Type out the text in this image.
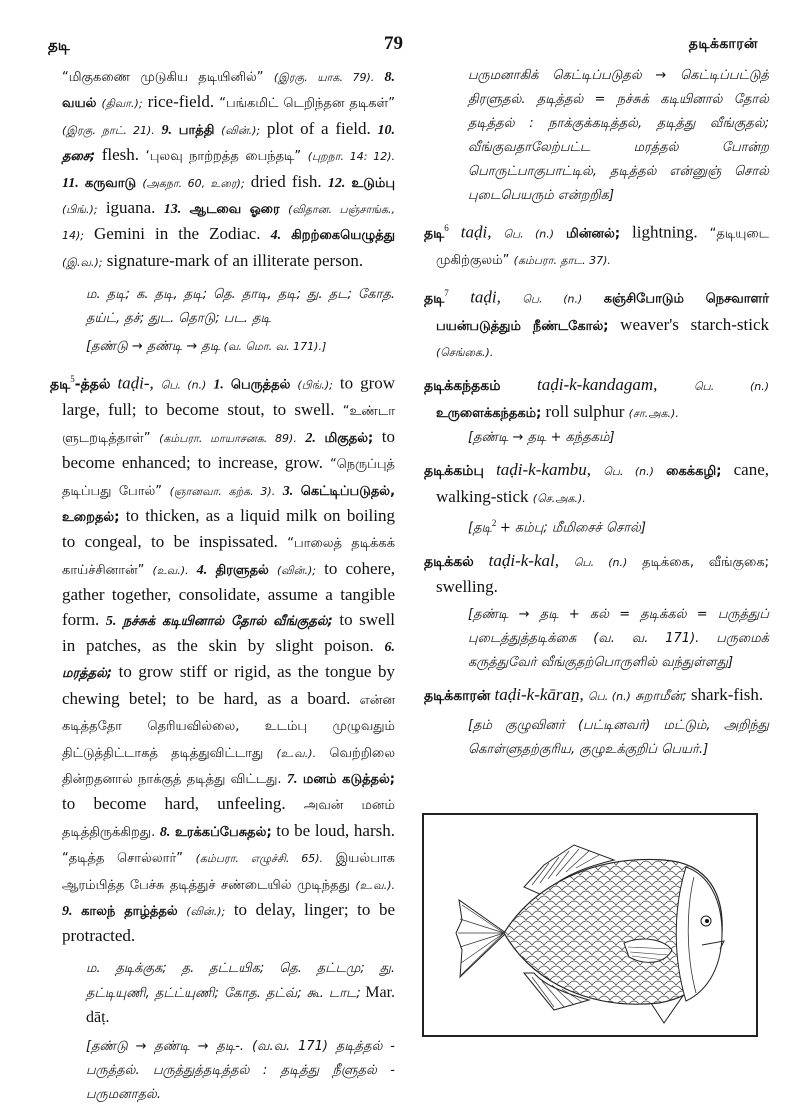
தடி	79	தடிக்காரன்

“மிகுகணை முடுகிய தடியினில்” (இரகு. யாக. 79). 8. வயல் (திவா.); rice-field. “பங்கமிட் டெறிந்தன தடிகள்” (இரகு. நாட். 21). 9. பாத்தி (வின்.); plot of a field. 10. தசை; flesh. ‘புலவு நாற்றத்த பைந்தடி” (புறநா. 14: 12). 11. கருவாடு (அகநா. 60, உரை); dried fish. 12. உடும்பு (பிங்.); iguana. 13. ஆடவை ஓரை (விதான. பஞ்சாங்க., 14); Gemini in the Zodiac. 4. கிறற்கையெழுத்து (இ.வ.); signature-mark of an illiterate person.

ம. தடி; க. தடி, தடி; தெ. தாடி, தடி; து. தட; கோத. தய்ட், தச்; துட. தொடு; பட. தடி

[தண்டு → தண்டி → தடி (வ. மொ. வ. 171).]

தடி$^5$-த்தல் taḍi-, பெ. (n.) 1. பெருத்தல் (பிங்.); to grow large, full; to become stout, to swell. “உண்டா ளுடறடித்தாள்” (கம்பரா. மாயாசனக. 89). 2. மிகுதல்; to become enhanced; to increase, grow. “நெருப்புத் தடிப்பது போல்” (ஞானவா. கற்க. 3). 3. கெட்டிப்படுதல், உறைதல்; to thicken, as a liquid milk on boiling to congeal, to be inspissated. “பாலைத் தடிக்கக் காய்ச்சினான்” (உவ.). 4. திரளுதல் (வின்.); to cohere, gather together, consolidate, assume a tangible form. 5. நச்சுக் கடியினால் தோல் வீங்குதல்; to swell in patches, as the skin by slight poison. 6. மரத்தல்; to grow stiff or rigid, as the tongue by chewing betel; to be hard, as a board. என்ன கடித்ததோ தெரியவில்லை, உடம்பு முழுவதும் திட்டுத்திட்டாகத் தடித்துவிட்டாது (உ.வ.). வெற்றிலை தின்றதனால் நாக்குத் தடித்து விட்டது. 7. மனம் கடுத்தல்; to become hard, unfeeling. அவன் மனம் தடித்திருக்கிறது. 8. உரக்கப்பேசுதல்; to be loud, harsh. “தடித்த சொல்லார்” (கம்பரா. எழுச்சி. 65). இயல்பாக ஆரம்பித்த பேச்சு தடித்துச் சண்டையில் முடிந்தது (உ.வ.). 9. காலந் தாழ்த்தல் (வின்.); to delay, linger; to be protracted.

ம. தடிக்குக; த. தட்டயிக; தெ. தட்டமு; து. தட்டியுணி, தட்ட்யுணி; கோத. தட்வ்; கூ. டாட; Mar. dāṭ.

[தண்டு → தண்டி → தடி-. (வ.வ. 171) தடித்தல் - பருத்தல். பருத்துத்தடித்தல் : தடித்து நீளுதல் - பருமனாதல்.

பருமனாகிக் கெட்டிப்படுதல் → கெட்டிப்பட்டுத் திரளுதல். தடித்தல் = நச்சுக் கடியினால் தோல் தடித்தல் : நாக்குக்கடித்தல், தடித்து வீங்குதல்; வீங்குவதாலேற்பட்ட மரத்தல் போன்ற பொருட்பாகுபாட்டில், தடித்தல் என்னுஞ் சொல் புடைபெயரும் என்றறிக]

தடி$^6$ taḍi, பெ. (n.) மின்னல்; lightning. “தடியுடை முகிற்குலம்” (கம்பரா. தாட. 37).

தடி$^7$ taḍi, பெ. (n.) கஞ்சிபோடும் நெசவாளர் பயன்படுத்தும் நீண்டகோல்; weaver's starch-stick (செங்கை.).

தடிக்கந்தகம் taḍi-k-kandagam,	பெ. (n.) உருளைக்கந்தகம்; roll sulphur (சா.அக.).

[தண்டி → தடி + கந்தகம்]

தடிக்கம்பு taḍi-k-kambu, பெ. (n.) கைக்கழி; cane, walking-stick (செ.அக.).

[தடி$^2$ + கம்பு; மீமிசைச் சொல்]

தடிக்கல் taḍi-k-kal, பெ. (n.) தடிக்கை, வீங்குகை; swelling.

[தண்டி → தடி + கல் = தடிக்கல் = பருத்துப் புடைத்துத்தடிக்கை (வ. வ. 171). பருமைக் கருத்துவேர் வீங்குதற்பொருளில் வந்துள்ளது]

தடிக்காரன் taḍi-k-kāraṉ, பெ. (n.) சுறாமீன்; shark-fish.

[தம் குழுவினர் (பட்டினவர்) மட்டும், அறிந்து கொள்ளுதற்குரிய, குழுஉக்குறிப் பெயர்.]
